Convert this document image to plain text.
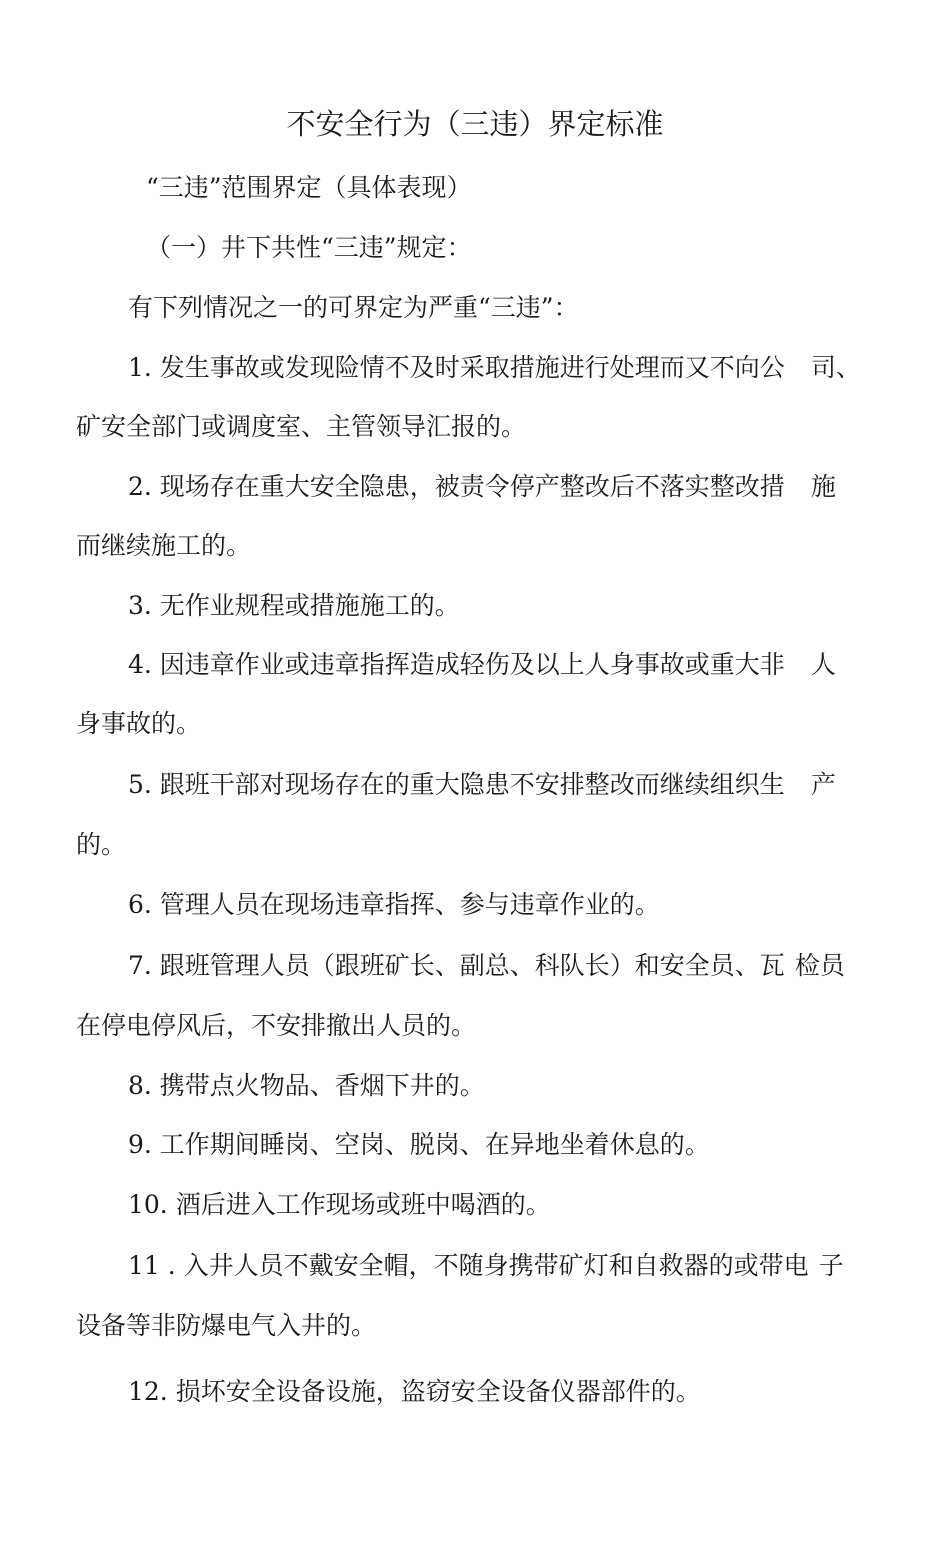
不安全行为（三违）界定标准

“三违”范围界定（具体表现）

（一）井下共性“三违”规定：

有下列情况之一的可界定为严重“三违”：

1. 发生事故或发现险情不及时采取措施进行处理而又不向公 司、

矿安全部门或调度室、主管领导汇报的。

2. 现场存在重大安全隐患，被责令停产整改后不落实整改措 施

而继续施工的。

3. 无作业规程或措施施工的。

4. 因违章作业或违章指挥造成轻伤及以上人身事故或重大非 人

身事故的。

5. 跟班干部对现场存在的重大隐患不安排整改而继续组织生 产

的。

6. 管理人员在现场违章指挥、参与违章作业的。

7. 跟班管理人员（跟班矿长、副总、科队长）和安全员、瓦 检员

在停电停风后，不安排撤出人员的。

8. 携带点火物品、香烟下井的。

9. 工作期间睡岗、空岗、脱岗、在异地坐着休息的。

10. 酒后进入工作现场或班中喝酒的。

11 . 入井人员不戴安全帽，不随身携带矿灯和自救器的或带电 子

设备等非防爆电气入井的。

12. 损坏安全设备设施，盗窃安全设备仪器部件的。
